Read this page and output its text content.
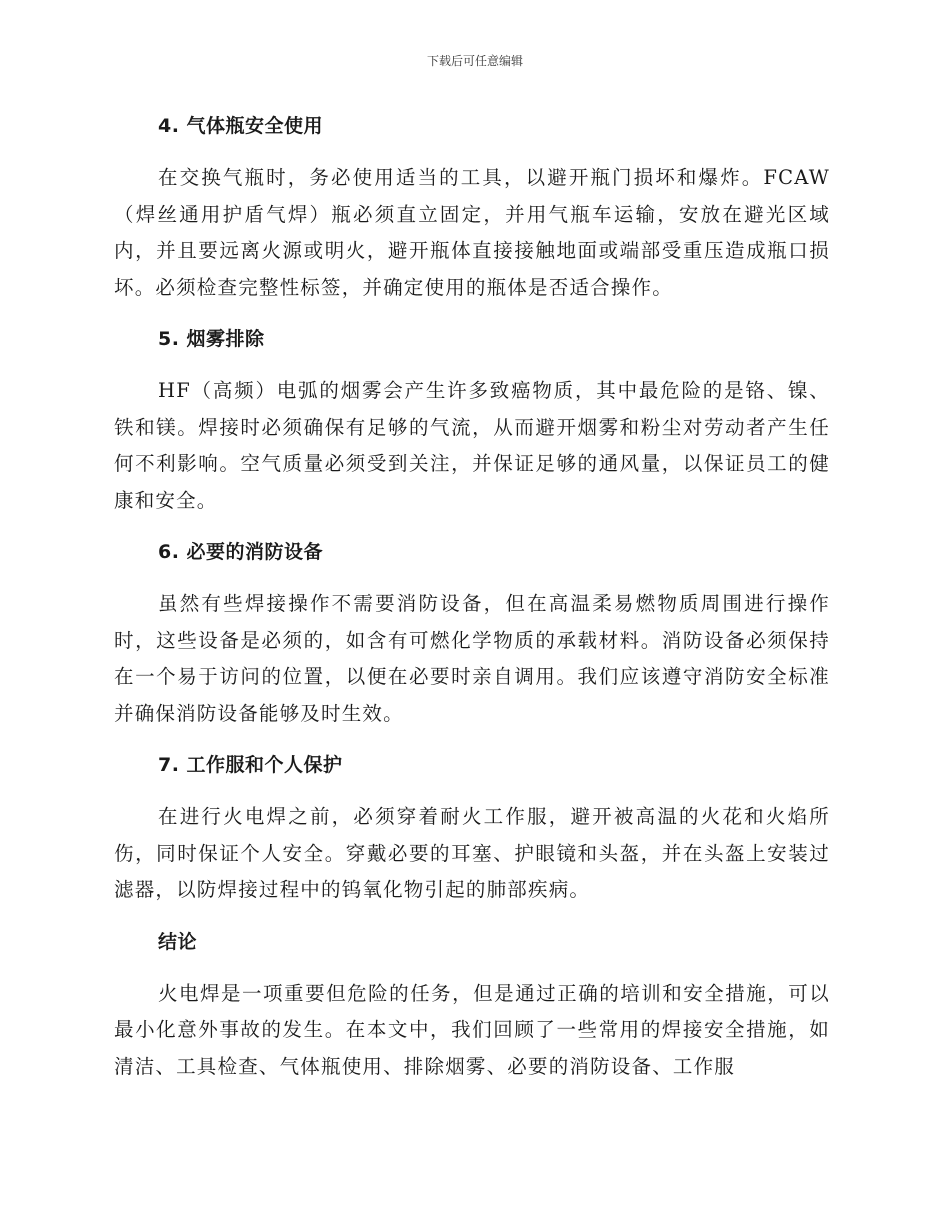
下载后可任意编辑
4. 气体瓶安全使用

在交换气瓶时，务必使用适当的工具，以避开瓶门损坏和爆炸。FCAW（焊丝通用护盾气焊）瓶必须直立固定，并用气瓶车运输，安放在避光区域内，并且要远离火源或明火，避开瓶体直接接触地面或端部受重压造成瓶口损坏。必须检查完整性标签，并确定使用的瓶体是否适合操作。

5. 烟雾排除

HF（高频）电弧的烟雾会产生许多致癌物质，其中最危险的是铬、镍、铁和镁。焊接时必须确保有足够的气流，从而避开烟雾和粉尘对劳动者产生任何不利影响。空气质量必须受到关注，并保证足够的通风量，以保证员工的健康和安全。

6. 必要的消防设备

虽然有些焊接操作不需要消防设备，但在高温柔易燃物质周围进行操作时，这些设备是必须的，如含有可燃化学物质的承载材料。消防设备必须保持在一个易于访问的位置，以便在必要时亲自调用。我们应该遵守消防安全标准并确保消防设备能够及时生效。

7. 工作服和个人保护

在进行火电焊之前，必须穿着耐火工作服，避开被高温的火花和火焰所伤，同时保证个人安全。穿戴必要的耳塞、护眼镜和头盔，并在头盔上安装过滤器，以防焊接过程中的钨氧化物引起的肺部疾病。

结论

火电焊是一项重要但危险的任务，但是通过正确的培训和安全措施，可以最小化意外事故的发生。在本文中，我们回顾了一些常用的焊接安全措施，如清洁、工具检查、气体瓶使用、排除烟雾、必要的消防设备、工作服
